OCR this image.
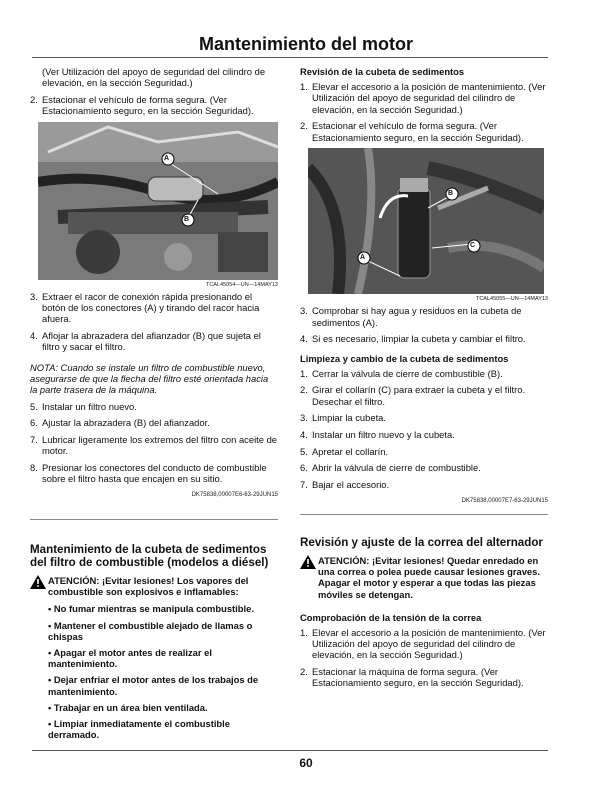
Mantenimiento del motor
(Ver Utilización del apoyo de seguridad del cilindro de elevación, en la sección Seguridad.)
2. Estacionar el vehículo de forma segura. (Ver Estacionamiento seguro, en la sección Seguridad).
A
B
TCAL45054—UN—14MAY13
3. Extraer el racor de conexión rápida presionando el botón de los conectores (A) y tirando del racor hacia afuera.
4. Aflojar la abrazadera del afianzador (B) que sujeta el filtro y sacar el filtro.
NOTA: Cuando se instale un filtro de combustible nuevo, asegurarse de que la flecha del filtro esté orientada hacia la parte trasera de la máquina.
5. Instalar un filtro nuevo.
6. Ajustar la abrazadera (B) del afianzador.
7. Lubricar ligeramente los extremos del filtro con aceite de motor.
8. Presionar los conectores del conducto de combustible sobre el filtro hasta que encajen en su sitio.
DK75838,00007E6-63-29JUN15
Mantenimiento de la cubeta de sedimentos del filtro de combustible (modelos a diésel)
ATENCIÓN: ¡Evitar lesiones! Los vapores del combustible son explosivos e inflamables:
• No fumar mientras se manipula combustible.
• Mantener el combustible alejado de llamas o chispas
• Apagar el motor antes de realizar el mantenimiento.
• Dejar enfriar el motor antes de los trabajos de mantenimiento.
• Trabajar en un área bien ventilada.
• Limpiar inmediatamente el combustible derramado.
Revisión de la cubeta de sedimentos
1. Elevar el accesorio a la posición de mantenimiento. (Ver Utilización del apoyo de seguridad del cilindro de elevación, en la sección Seguridad.)
2. Estacionar el vehículo de forma segura. (Ver Estacionamiento seguro, en la sección Seguridad).
A
B
C
TCAL45055—UN—14MAY13
3. Comprobar si hay agua y residuos en la cubeta de sedimentos (A).
4. Si es necesario, limpiar la cubeta y cambiar el filtro.
Limpieza y cambio de la cubeta de sedimentos
1. Cerrar la válvula de cierre de combustible (B).
2. Girar el collarín (C) para extraer la cubeta y el filtro. Desechar el filtro.
3. Limpiar la cubeta.
4. Instalar un filtro nuevo y la cubeta.
5. Apretar el collarín.
6. Abrir la válvula de cierre de combustible.
7. Bajar el accesorio.
DK75838,00007E7-63-29JUN15
Revisión y ajuste de la correa del alternador
ATENCIÓN: ¡Evitar lesiones! Quedar enredado en una correa o polea puede causar lesiones graves. Apagar el motor y esperar a que todas las piezas móviles se detengan.
Comprobación de la tensión de la correa
1. Elevar el accesorio a la posición de mantenimiento. (Ver Utilización del apoyo de seguridad del cilindro de elevación, en la sección Seguridad.)
2. Estacionar la máquina de forma segura. (Ver Estacionamiento seguro, en la sección Seguridad).
60
